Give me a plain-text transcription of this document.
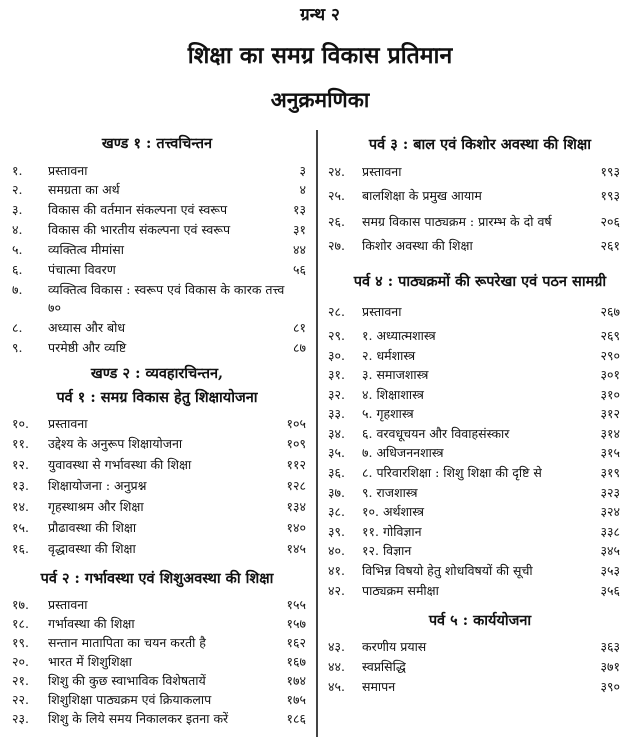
ग्रन्थ २
शिक्षा का समग्र विकास प्रतिमान
अनुक्रमणिका
खण्ड १ : तत्त्वचिन्तन
१. प्रस्तावना	३
२. समग्रता का अर्थ	४
३. विकास की वर्तमान संकल्पना एवं स्वरूप	१३
४. विकास की भारतीय संकल्पना एवं स्वरूप	३१
५. व्यक्तित्व मीमांसा	४४
६. पंचात्मा विवरण	५६
७. व्यक्तित्व विकास : स्वरूप एवं विकास के कारक तत्त्व
७०
८. अध्यास और बोध	८१
९. परमेष्ठी और व्यष्टि	८७
खण्ड २ : व्यवहारचिन्तन,
पर्व १ : समग्र विकास हेतु शिक्षायोजना
१०. प्रस्तावना	१०५
११. उद्देश्य के अनुरूप शिक्षायोजना	१०९
१२. युवावस्था से गर्भावस्था की शिक्षा	११२
१३. शिक्षायोजना : अनुप्रश्न	१२८
१४. गृहस्थाश्रम और शिक्षा	१३४
१५. प्रौढावस्था की शिक्षा	१४०
१६. वृद्धावस्था की शिक्षा	१४५
पर्व २ : गर्भावस्था एवं शिशुअवस्था की शिक्षा
१७. प्रस्तावना	१५५
१८. गर्भावस्था की शिक्षा	१५७
१९. सन्तान मातापिता का चयन करती है	१६२
२०. भारत में शिशुशिक्षा	१६७
२१. शिशु की कुछ स्वाभाविक विशेषतायें	१७४
२२. शिशुशिक्षा पाठ्यक्रम एवं क्रियाकलाप	१७५
२३. शिशु के लिये समय निकालकर इतना करें	१८६
पर्व ३ : बाल एवं किशोर अवस्था की शिक्षा
२४. प्रस्तावना	१९३
२५. बालशिक्षा के प्रमुख आयाम	१९३
२६. समग्र विकास पाठ्यक्रम : प्रारम्भ के दो वर्ष	२०६
२७. किशोर अवस्था की शिक्षा	२६१
पर्व ४ : पाठ्यक्रमों की रूपरेखा एवं पठन सामग्री
२८. प्रस्तावना	२६७
२९. १. अध्यात्मशास्त्र	२६९
३०. २. धर्मशास्त्र	२९०
३१. ३. समाजशास्त्र	३०१
३२. ४. शिक्षाशास्त्र	३१०
३३. ५. गृहशास्त्र	३१२
३४. ६. वरवधूचयन और विवाहसंस्कार	३१४
३५. ७. अधिजननशास्त्र	३१५
३६. ८. परिवारशिक्षा : शिशु शिक्षा की दृष्टि से	३१९
३७. ९. राजशास्त्र	३२३
३८. १०. अर्थशास्त्र	३२४
३९. ११. गोविज्ञान	३३८
४०. १२. विज्ञान	३४५
४१. विभिन्न विषयो हेतु शोधविषयों की सूची	३५३
४२. पाठ्यक्रम समीक्षा	३५६
पर्व ५ : कार्ययोजना
४३. करणीय प्रयास	३६३
४४. स्वप्नसिद्धि	३७१
४५. समापन	३९०
